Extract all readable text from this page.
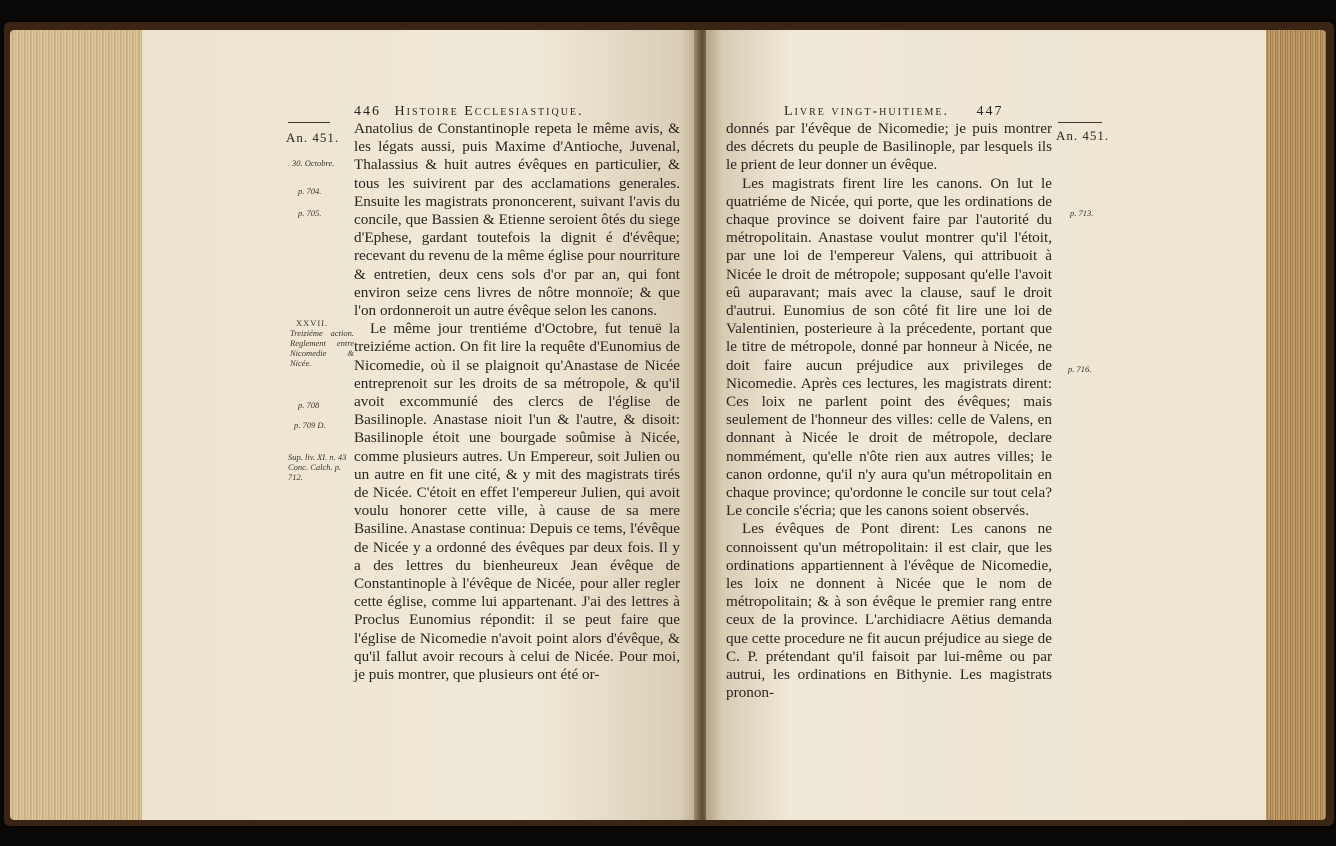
An. 451.
30. Octobre.
p. 704.
p. 705.
XXVII.
Treiziéme action. Reglement entre Nicomedie & Nicée.
p. 708
p. 709 D.
Sup. liv. XI. n. 43 Conc. Calch. p. 712.
446 Histoire Ecclesiastique.

Anatolius de Constantinople repeta le même avis, & les légats aussi, puis Maxime d'Antioche, Juvenal, Thalassius & huit autres évêques en particulier, & tous les suivirent par des acclamations generales. Ensuite les magistrats prononcerent, suivant l'avis du concile, que Bassien & Etienne seroient ôtés du siege d'Ephese, gardant toutefois la dignit é d'évêque; recevant du revenu de la même église pour nourriture & entretien, deux cens sols d'or par an, qui font environ seize cens livres de nôtre monnoïe; & que l'on ordonneroit un autre évêque selon les canons.

Le même jour trentiéme d'Octobre, fut tenuë la treiziéme action. On fit lire la requête d'Eunomius de Nicomedie, où il se plaignoit qu'Anastase de Nicée entreprenoit sur les droits de sa métropole, & qu'il avoit excommunié des clercs de l'église de Basilinople. Anastase nioit l'un & l'autre, & disoit: Basilinople étoit une bourgade soûmise à Nicée, comme plusieurs autres. Un Empereur, soit Julien ou un autre en fit une cité, & y mit des magistrats tirés de Nicée. C'étoit en effet l'empereur Julien, qui avoit voulu honorer cette ville, à cause de sa mere Basiline. Anastase continua: Depuis ce tems, l'évêque de Nicée y a ordonné des évêques par deux fois. Il y a des lettres du bienheureux Jean évêque de Constantinople à l'évêque de Nicée, pour aller regler cette église, comme lui appartenant. J'ai des lettres à Proclus Eunomius répondit: il se peut faire que l'église de Nicomedie n'avoit point alors d'évêque, & qu'il fallut avoir recours à celui de Nicée. Pour moi, je puis montrer, que plusieurs ont été or-

Livre vingt-huitieme. 447
An. 451.
p. 713.
p. 716.

donnés par l'évêque de Nicomedie; je puis montrer des décrets du peuple de Basilinople, par lesquels ils le prient de leur donner un évêque.

Les magistrats firent lire les canons. On lut le quatriéme de Nicée, qui porte, que les ordinations de chaque province se doivent faire par l'autorité du métropolitain. Anastase voulut montrer qu'il l'étoit, par une loi de l'empereur Valens, qui attribuoit à Nicée le droit de métropole; supposant qu'elle l'avoit eû auparavant; mais avec la clause, sauf le droit d'autrui. Eunomius de son côté fit lire une loi de Valentinien, posterieure à la précedente, portant que le titre de métropole, donné par honneur à Nicée, ne doit faire aucun préjudice aux privileges de Nicomedie. Après ces lectures, les magistrats dirent: Ces loix ne parlent point des évêques; mais seulement de l'honneur des villes: celle de Valens, en donnant à Nicée le droit de métropole, declare nommément, qu'elle n'ôte rien aux autres villes; le canon ordonne, qu'il n'y aura qu'un métropolitain en chaque province; qu'ordonne le concile sur tout cela? Le concile s'écria; que les canons soient observés.

Les évêques de Pont dirent: Les canons ne connoissent qu'un métropolitain: il est clair, que les ordinations appartiennent à l'évêque de Nicomedie, les loix ne donnent à Nicée que le nom de métropolitain; & à son évêque le premier rang entre ceux de la province. L'archidiacre Aëtius demanda que cette procedure ne fit aucun préjudice au siege de C. P. prétendant qu'il faisoit par lui-même ou par autrui, les ordinations en Bithynie. Les magistrats pronon-
